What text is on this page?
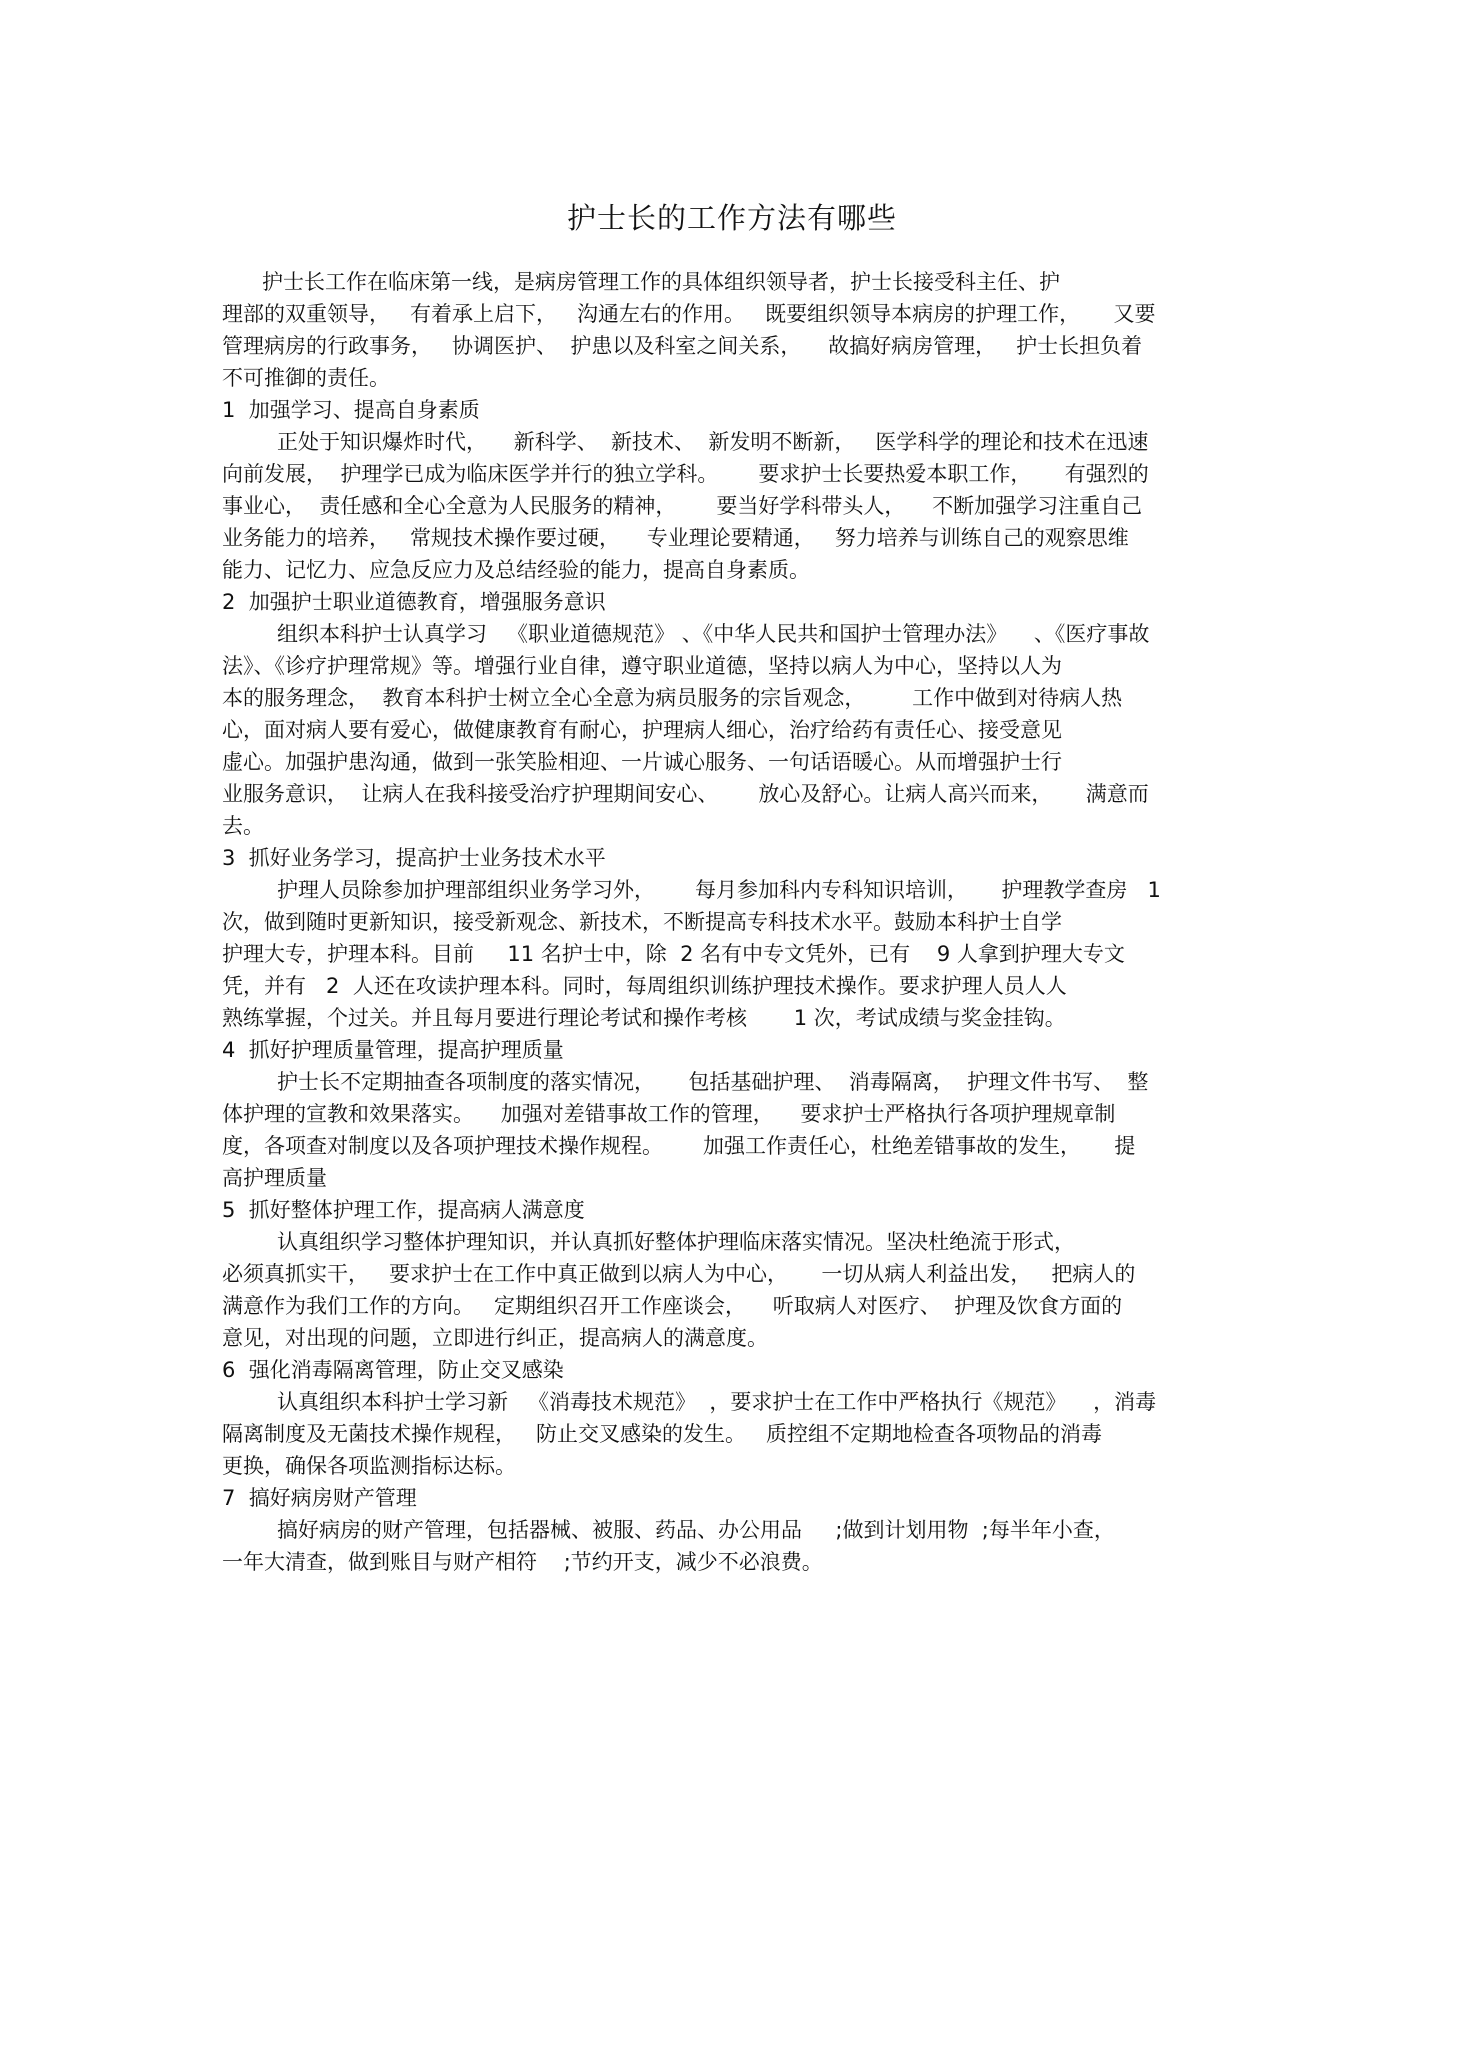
护士长的工作方法有哪些
护士长工作在临床第一线，是病房管理工作的具体组织领导者，护士长接受科主任、护
理部的双重领导，   有着承上启下，   沟通左右的作用。   既要组织领导本病房的护理工作，     又要
管理病房的行政事务，   协调医护、  护患以及科室之间关系，    故搞好病房管理，   护士长担负着
不可推御的责任。
1  加强学习、提高自身素质
正处于知识爆炸时代，    新科学、  新技术、  新发明不断新，   医学科学的理论和技术在迅速
向前发展，  护理学已成为临床医学并行的独立学科。      要求护士长要热爱本职工作，     有强烈的
事业心，  责任感和全心全意为人民服务的精神，      要当好学科带头人，    不断加强学习注重自己
业务能力的培养，   常规技术操作要过硬，    专业理论要精通，   努力培养与训练自己的观察思维
能力、记忆力、应急反应力及总结经验的能力，提高自身素质。
2  加强护士职业道德教育，增强服务意识
组织本科护士认真学习   《职业道德规范》 、《中华人民共和国护士管理办法》    、《医疗事故
法》、《诊疗护理常规》等。增强行业自律，遵守职业道德，坚持以病人为中心，坚持以人为
本的服务理念，  教育本科护士树立全心全意为病员服务的宗旨观念，       工作中做到对待病人热
心，面对病人要有爱心，做健康教育有耐心，护理病人细心，治疗给药有责任心、接受意见
虚心。加强护患沟通，做到一张笑脸相迎、一片诚心服务、一句话语暖心。从而增强护士行
业服务意识，  让病人在我科接受治疗护理期间安心、      放心及舒心。让病人高兴而来，     满意而
去。
3  抓好业务学习，提高护士业务技术水平
护理人员除参加护理部组织业务学习外，      每月参加科内专科知识培训，     护理教学查房   1
次，做到随时更新知识，接受新观念、新技术，不断提高专科技术水平。鼓励本科护士自学
护理大专，护理本科。目前     11 名护士中，除  2 名有中专文凭外，已有    9 人拿到护理大专文
凭，并有   2  人还在攻读护理本科。同时，每周组织训练护理技术操作。要求护理人员人人
熟练掌握，个过关。并且每月要进行理论考试和操作考核       1 次，考试成绩与奖金挂钩。
4  抓好护理质量管理，提高护理质量
护士长不定期抽查各项制度的落实情况，     包括基础护理、  消毒隔离，  护理文件书写、  整
体护理的宣教和效果落实。    加强对差错事故工作的管理，    要求护士严格执行各项护理规章制
度，各项查对制度以及各项护理技术操作规程。      加强工作责任心，杜绝差错事故的发生，     提
高护理质量
5  抓好整体护理工作，提高病人满意度
认真组织学习整体护理知识，并认真抓好整体护理临床落实情况。坚决杜绝流于形式，
必须真抓实干，   要求护士在工作中真正做到以病人为中心，     一切从病人利益出发，   把病人的
满意作为我们工作的方向。   定期组织召开工作座谈会，    听取病人对医疗、  护理及饮食方面的
意见，对出现的问题，立即进行纠正，提高病人的满意度。
6  强化消毒隔离管理，防止交叉感染
认真组织本科护士学习新   《消毒技术规范》  ，要求护士在工作中严格执行《规范》    ，消毒
隔离制度及无菌技术操作规程，   防止交叉感染的发生。   质控组不定期地检查各项物品的消毒
更换，确保各项监测指标达标。
7  搞好病房财产管理
搞好病房的财产管理，包括器械、被服、药品、办公用品     ;做到计划用物  ;每半年小查，
一年大清查，做到账目与财产相符    ;节约开支，减少不必浪费。
